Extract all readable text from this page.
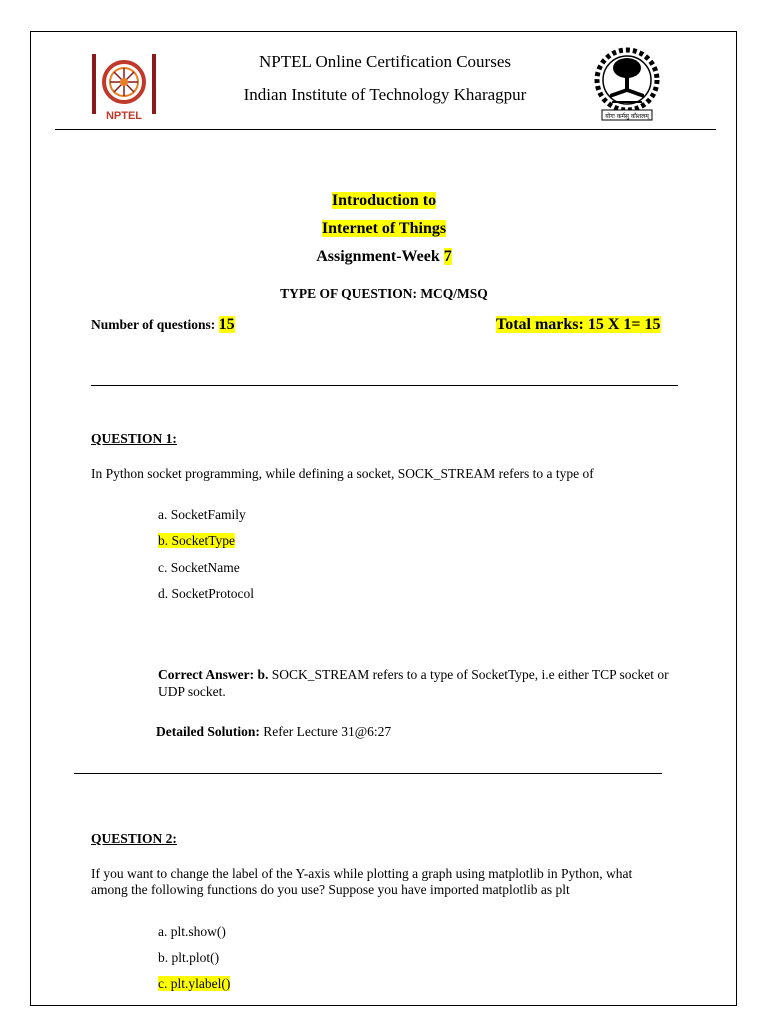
NPTEL
NPTEL Online Certification Courses
Indian Institute of Technology Kharagpur
योगः कर्मसु कौशलम्
Introduction to
Internet of Things
Assignment-Week 7
TYPE OF QUESTION: MCQ/MSQ
Number of questions: 15	Total marks: 15 X 1= 15
QUESTION 1:
In Python socket programming, while defining a socket, SOCK_STREAM refers to a type of
a. SocketFamily
b. SocketType
c. SocketName
d. SocketProtocol
Correct Answer: b. SOCK_STREAM refers to a type of SocketType, i.e either TCP socket or UDP socket.
Detailed Solution: Refer Lecture 31@6:27
QUESTION 2:
If you want to change the label of the Y-axis while plotting a graph using matplotlib in Python, what among the following functions do you use? Suppose you have imported matplotlib as plt
a. plt.show()
b. plt.plot()
c. plt.ylabel()
